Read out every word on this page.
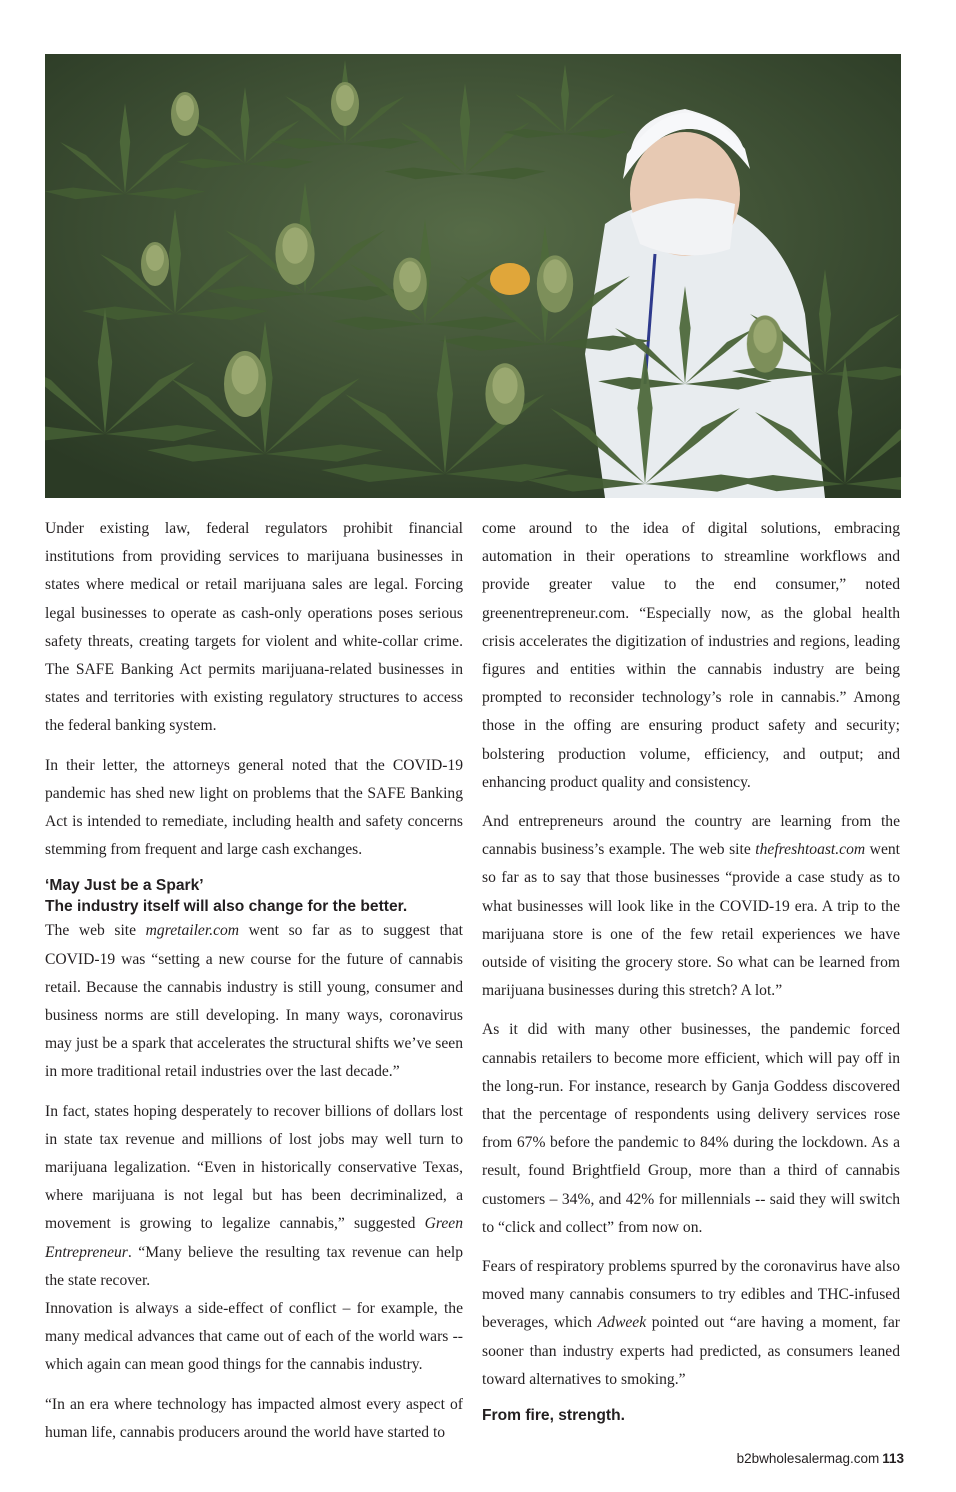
Under existing law, federal regulators prohibit financial institutions from providing services to marijuana businesses in states where medical or retail marijuana sales are legal. Forcing legal businesses to operate as cash-only operations poses serious safety threats, creating targets for violent and white-collar crime. The SAFE Banking Act permits marijuana-related businesses in states and territories with existing regulatory structures to access the federal banking system.

In their letter, the attorneys general noted that the COVID-19 pandemic has shed new light on problems that the SAFE Banking Act is intended to remediate, including health and safety concerns stemming from frequent and large cash exchanges.

‘May Just be a Spark’
The industry itself will also change for the better.

The web site mgretailer.com went so far as to suggest that COVID-19 was “setting a new course for the future of cannabis retail. Because the cannabis industry is still young, consumer and business norms are still developing. In many ways, coronavirus may just be a spark that accelerates the structural shifts we’ve seen in more traditional retail industries over the last decade.”

In fact, states hoping desperately to recover billions of dollars lost in state tax revenue and millions of lost jobs may well turn to marijuana legalization. “Even in historically conservative Texas, where marijuana is not legal but has been decriminalized, a movement is growing to legalize cannabis,” suggested Green Entrepreneur. “Many believe the resulting tax revenue can help the state recover.

Innovation is always a side-effect of conflict – for example, the many medical advances that came out of each of the world wars -- which again can mean good things for the cannabis industry.

“In an era where technology has impacted almost every aspect of human life, cannabis producers around the world have started to

come around to the idea of digital solutions, embracing automation in their operations to streamline workflows and provide greater value to the end consumer,” noted greenentrepreneur.com. “Especially now, as the global health crisis accelerates the digitization of industries and regions, leading figures and entities within the cannabis industry are being prompted to reconsider technology’s role in cannabis.” Among those in the offing are ensuring product safety and security; bolstering production volume, efficiency, and output; and enhancing product quality and consistency.

And entrepreneurs around the country are learning from the cannabis business’s example. The web site thefreshtoast.com went so far as to say that those businesses “provide a case study as to what businesses will look like in the COVID-19 era. A trip to the marijuana store is one of the few retail experiences we have outside of visiting the grocery store. So what can be learned from marijuana businesses during this stretch? A lot.”

As it did with many other businesses, the pandemic forced cannabis retailers to become more efficient, which will pay off in the long-run. For instance, research by Ganja Goddess discovered that the percentage of respondents using delivery services rose from 67% before the pandemic to 84% during the lockdown. As a result, found Brightfield Group, more than a third of cannabis customers – 34%, and 42% for millennials -- said they will switch to “click and collect” from now on.

Fears of respiratory problems spurred by the coronavirus have also moved many cannabis consumers to try edibles and THC-infused beverages, which Adweek pointed out “are having a moment, far sooner than industry experts had predicted, as consumers leaned toward alternatives to smoking.”

From fire, strength.
b2bwholesalermag.com 113
